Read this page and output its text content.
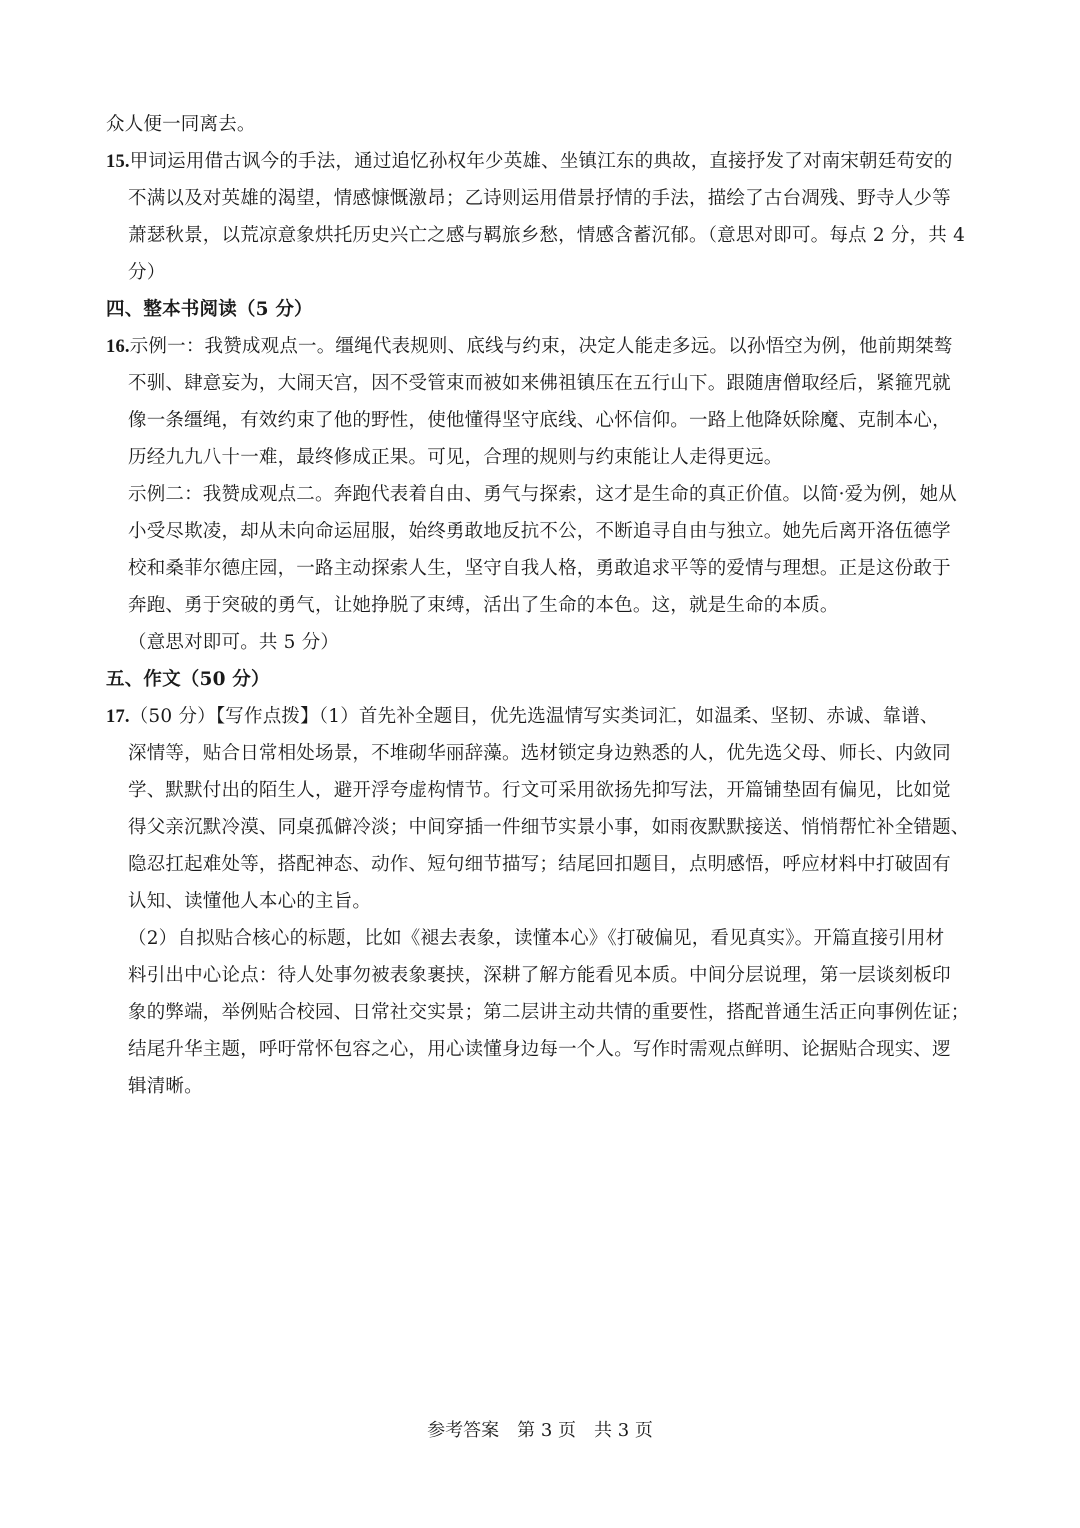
众人便一同离去。
15.甲词运用借古讽今的手法，通过追忆孙权年少英雄、坐镇江东的典故，直接抒发了对南宋朝廷苟安的
不满以及对英雄的渴望，情感慷慨激昂；乙诗则运用借景抒情的手法，描绘了古台凋残、野寺人少等
萧瑟秋景，以荒凉意象烘托历史兴亡之感与羁旅乡愁，情感含蓄沉郁。（意思对即可。每点 2 分，共 4
分）
四、整本书阅读（5 分）
16.示例一：我赞成观点一。缰绳代表规则、底线与约束，决定人能走多远。以孙悟空为例，他前期桀骜
不驯、肆意妄为，大闹天宫，因不受管束而被如来佛祖镇压在五行山下。跟随唐僧取经后，紧箍咒就
像一条缰绳，有效约束了他的野性，使他懂得坚守底线、心怀信仰。一路上他降妖除魔、克制本心，
历经九九八十一难，最终修成正果。可见，合理的规则与约束能让人走得更远。
示例二：我赞成观点二。奔跑代表着自由、勇气与探索，这才是生命的真正价值。以简·爱为例，她从
小受尽欺凌，却从未向命运屈服，始终勇敢地反抗不公，不断追寻自由与独立。她先后离开洛伍德学
校和桑菲尔德庄园，一路主动探索人生，坚守自我人格，勇敢追求平等的爱情与理想。正是这份敢于
奔跑、勇于突破的勇气，让她挣脱了束缚，活出了生命的本色。这，就是生命的本质。
（意思对即可。共 5 分）
五、作文（50 分）
17.（50 分）【写作点拨】（1）首先补全题目，优先选温情写实类词汇，如温柔、坚韧、赤诚、靠谱、
深情等，贴合日常相处场景，不堆砌华丽辞藻。选材锁定身边熟悉的人，优先选父母、师长、内敛同
学、默默付出的陌生人，避开浮夸虚构情节。行文可采用欲扬先抑写法，开篇铺垫固有偏见，比如觉
得父亲沉默冷漠、同桌孤僻冷淡；中间穿插一件细节实景小事，如雨夜默默接送、悄悄帮忙补全错题、
隐忍扛起难处等，搭配神态、动作、短句细节描写；结尾回扣题目，点明感悟，呼应材料中打破固有
认知、读懂他人本心的主旨。
（2）自拟贴合核心的标题，比如《褪去表象，读懂本心》《打破偏见，看见真实》。开篇直接引用材
料引出中心论点：待人处事勿被表象裹挟，深耕了解方能看见本质。中间分层说理，第一层谈刻板印
象的弊端，举例贴合校园、日常社交实景；第二层讲主动共情的重要性，搭配普通生活正向事例佐证；
结尾升华主题，呼吁常怀包容之心，用心读懂身边每一个人。写作时需观点鲜明、论据贴合现实、逻
辑清晰。
参考答案　第 3 页　共 3 页
